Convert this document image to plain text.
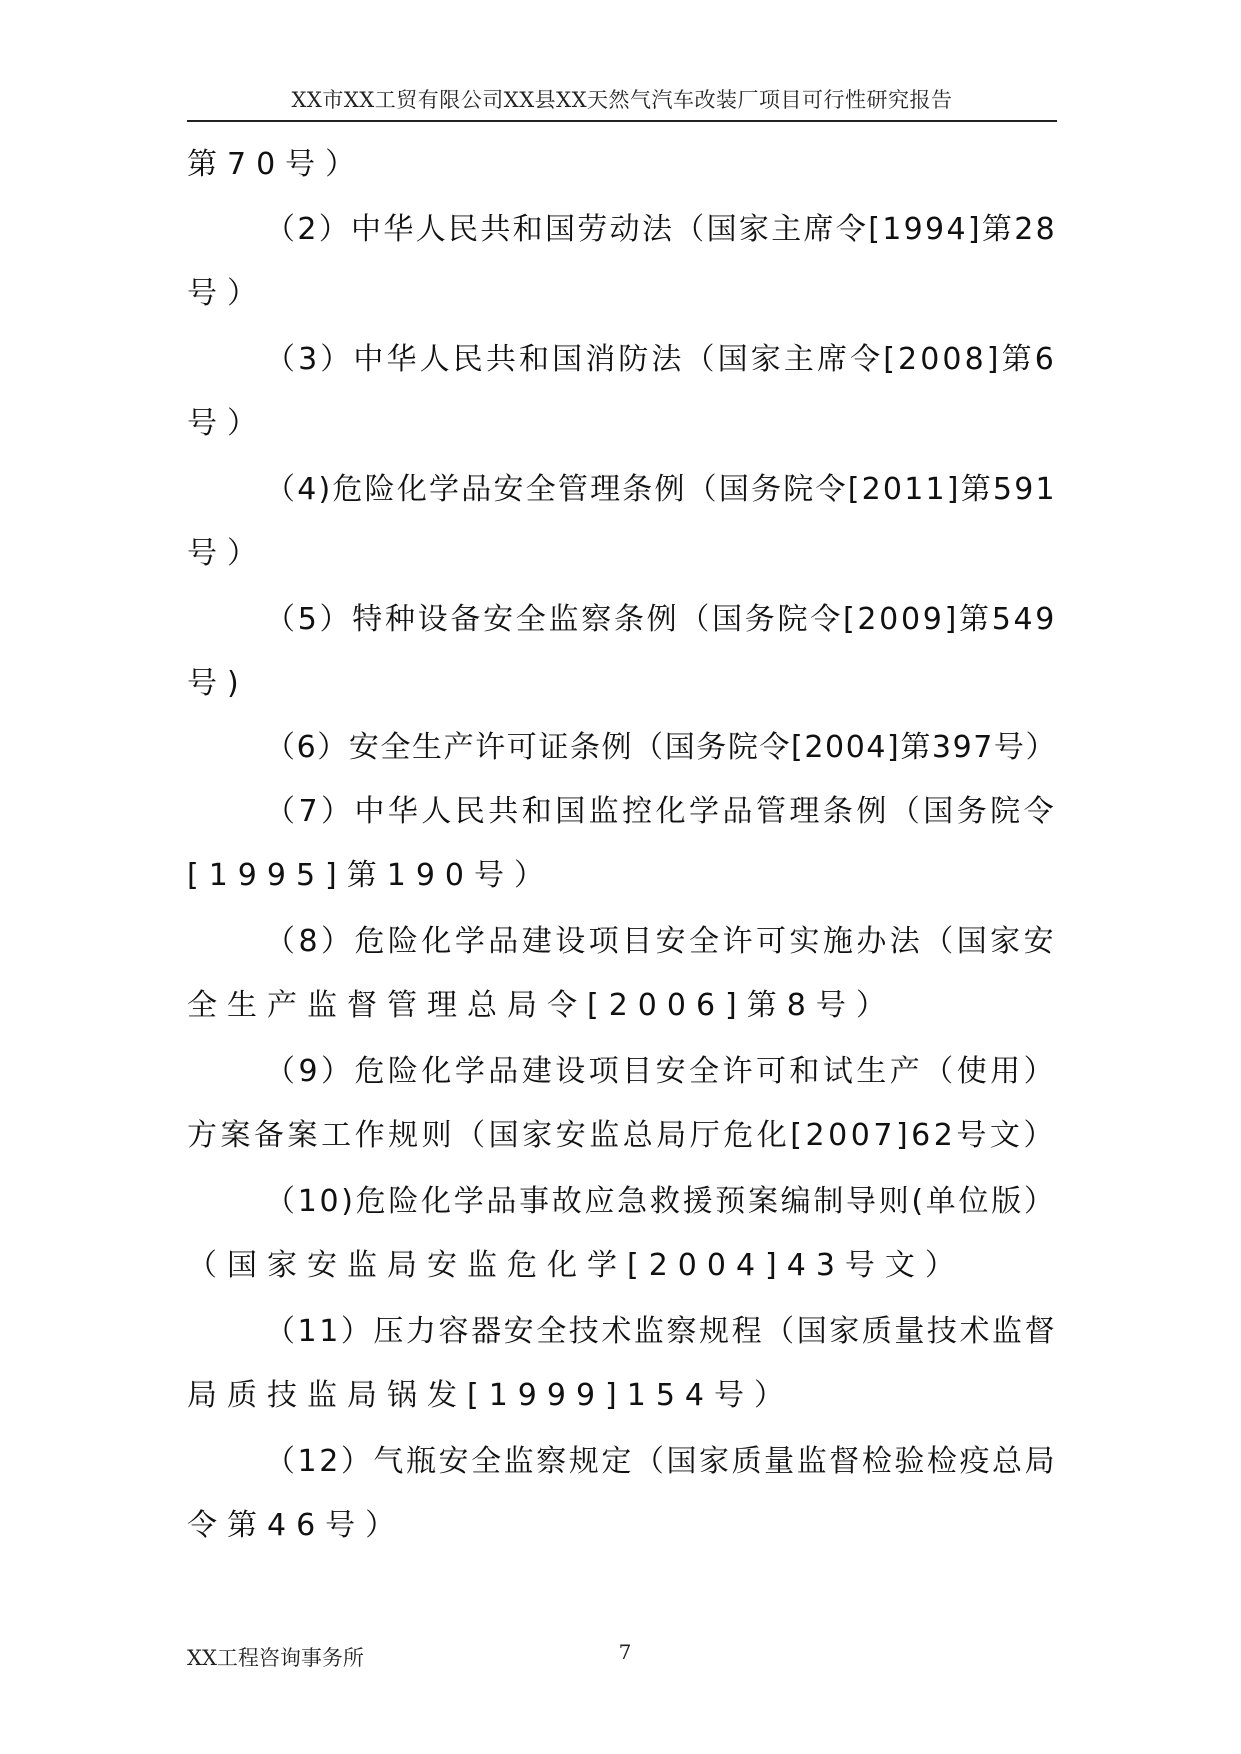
XX市XX工贸有限公司XX县XX天然气汽车改装厂项目可行性研究报告
第70号）
（2）中华人民共和国劳动法（国家主席令[1994]第28
号）
（3）中华人民共和国消防法（国家主席令[2008]第6
号）
（4)危险化学品安全管理条例（国务院令[2011]第591
号）
（5）特种设备安全监察条例（国务院令[2009]第549
号)
（6）安全生产许可证条例（国务院令[2004]第397号）
（7）中华人民共和国监控化学品管理条例（国务院令
[1995]第190号）
（8）危险化学品建设项目安全许可实施办法（国家安
全生产监督管理总局令[2006]第8号）
（9）危险化学品建设项目安全许可和试生产（使用）
方案备案工作规则（国家安监总局厅危化[2007]62号文）
（10)危险化学品事故应急救援预案编制导则(单位版）
（国家安监局安监危化学[2004]43号文）
（11）压力容器安全技术监察规程（国家质量技术监督
局质技监局锅发[1999]154号）
（12）气瓶安全监察规定（国家质量监督检验检疫总局
令第46号）
XX工程咨询事务所	7
